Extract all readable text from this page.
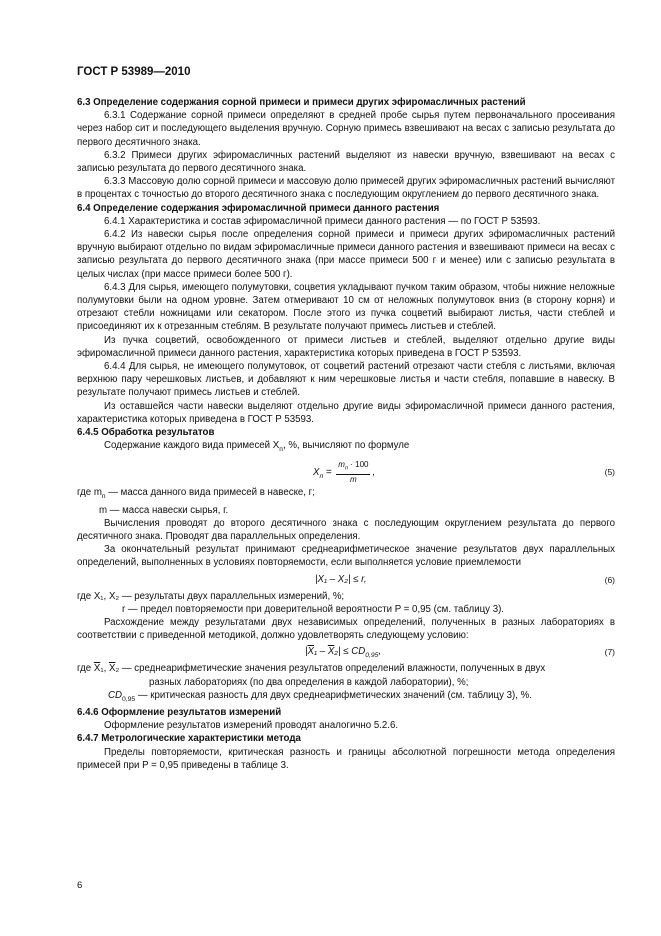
ГОСТ Р 53989—2010

6.3 Определение содержания сорной примеси и примеси других эфиромасличных растений

6.3.1 Содержание сорной примеси определяют в средней пробе сырья путем первоначального просеивания через набор сит и последующего выделения вручную. Сорную примесь взвешивают на весах с записью результата до первого десятичного знака.

6.3.2 Примеси других эфиромасличных растений выделяют из навески вручную, взвешивают на весах с записью результата до первого десятичного знака.

6.3.3 Массовую долю сорной примеси и массовую долю примесей других эфиромасличных растений вычисляют в процентах с точностью до второго десятичного знака с последующим округлением до первого десятичного знака.

6.4 Определение содержания эфиромасличной примеси данного растения

6.4.1 Характеристика и состав эфиромасличной примеси данного растения — по ГОСТ Р 53593.

6.4.2 Из навески сырья после определения сорной примеси и примеси других эфиромасличных растений вручную выбирают отдельно по видам эфиромасличные примеси данного растения и взвешивают примеси на весах с записью результата до первого десятичного знака (при массе примеси 500 г и менее) или с записью результата в целых числах (при массе примеси более 500 г).

6.4.3 Для сырья, имеющего полумутовки, соцветия укладывают пучком таким образом, чтобы нижние неложные полумутовки были на одном уровне. Затем отмеривают 10 см от неложных полумутовок вниз (в сторону корня) и отрезают стебли ножницами или секатором. После этого из пучка соцветий выбирают листья, части стеблей и присоединяют их к отрезанным стеблям. В результате получают примесь листьев и стеблей.

Из пучка соцветий, освобожденного от примеси листьев и стеблей, выделяют отдельно другие виды эфиромасличной примеси данного растения, характеристика которых приведена в ГОСТ Р 53593.

6.4.4 Для сырья, не имеющего полумутовок, от соцветий растений отрезают части стебля с листьями, включая верхнюю пару черешковых листьев, и добавляют к ним черешковые листья и части стебля, попавшие в навеску. В результате получают примесь листьев и стеблей.

Из оставшейся части навески выделяют отдельно другие виды эфиромасличной примеси данного растения, характеристика которых приведена в ГОСТ Р 53593.

6.4.5 Обработка результатов

Содержание каждого вида примесей $X_п$, %, вычисляют по формуле

$X_п = \frac{m_п \cdot 100}{m}$ ,	(5)

где $m_п$ — масса данного вида примесей в навеске, г;

m — масса навески сырья, г.

Вычисления проводят до второго десятичного знака с последующим округлением результата до первого десятичного знака. Проводят два параллельных определения.

За окончательный результат принимают среднеарифметическое значение результатов двух параллельных определений, выполненных в условиях повторяемости, если выполняется условие приемлемости

|X₁ – X₂| ≤ r,	(6)

где X₁, X₂ — результаты двух параллельных измерений, %;

r — предел повторяемости при доверительной вероятности P = 0,95 (см. таблицу 3).

Расхождение между результатами двух независимых определений, полученных в разных лабораториях в соответствии с приведенной методикой, должно удовлетворять следующему условию:

$|\overline{X}_1 - \overline{X}_2| \le CD_{0,95}$,	(7)

где $\overline{X}_1$, $\overline{X}_2$ — среднеарифметические значения результатов определений влажности, полученных в двух

разных лабораториях (по два определения в каждой лаборатории), %;

$CD_{0,95}$ — критическая разность для двух среднеарифметических значений (см. таблицу 3), %.

6.4.6 Оформление результатов измерений

Оформление результатов измерений проводят аналогично 5.2.6.

6.4.7 Метрологические характеристики метода

Пределы повторяемости, критическая разность и границы абсолютной погрешности метода определения примесей при P = 0,95 приведены в таблице 3.

6
